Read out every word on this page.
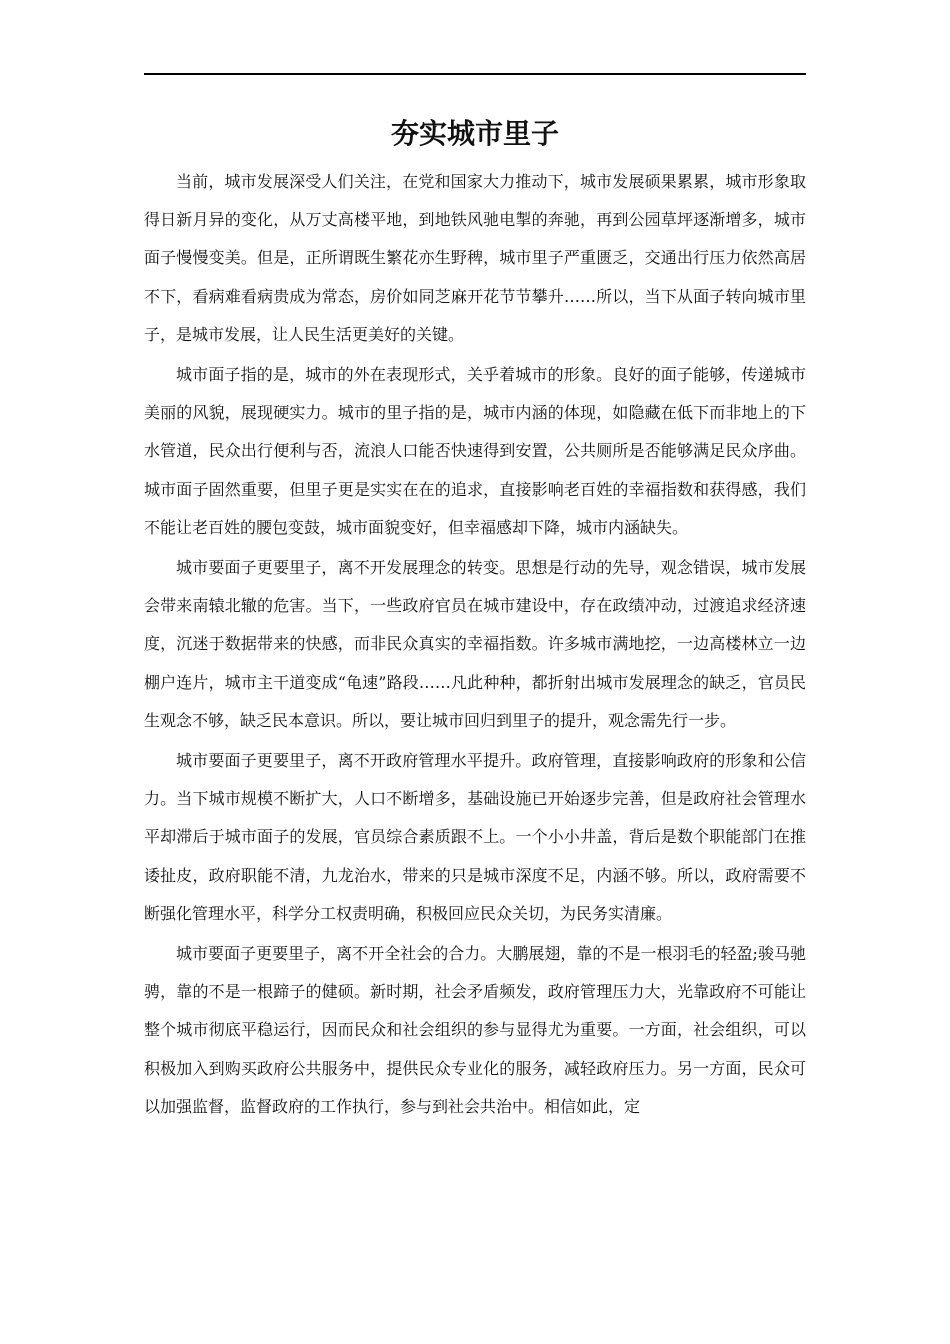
夯实城市里子

当前，城市发展深受人们关注，在党和国家大力推动下，城市发展硕果累累，城市形象取得日新月异的变化，从万丈高楼平地，到地铁风驰电掣的奔驰，再到公园草坪逐渐增多，城市面子慢慢变美。但是，正所谓既生繁花亦生野稗，城市里子严重匮乏，交通出行压力依然高居不下，看病难看病贵成为常态，房价如同芝麻开花节节攀升……所以，当下从面子转向城市里子，是城市发展，让人民生活更美好的关键。

城市面子指的是，城市的外在表现形式，关乎着城市的形象。良好的面子能够，传递城市美丽的风貌，展现硬实力。城市的里子指的是，城市内涵的体现，如隐藏在低下而非地上的下水管道，民众出行便利与否，流浪人口能否快速得到安置，公共厕所是否能够满足民众序曲。城市面子固然重要，但里子更是实实在在的追求，直接影响老百姓的幸福指数和获得感，我们不能让老百姓的腰包变鼓，城市面貌变好，但幸福感却下降，城市内涵缺失。

城市要面子更要里子，离不开发展理念的转变。思想是行动的先导，观念错误，城市发展会带来南辕北辙的危害。当下，一些政府官员在城市建设中，存在政绩冲动，过渡追求经济速度，沉迷于数据带来的快感，而非民众真实的幸福指数。许多城市满地挖，一边高楼林立一边棚户连片，城市主干道变成“龟速”路段……凡此种种，都折射出城市发展理念的缺乏，官员民生观念不够，缺乏民本意识。所以，要让城市回归到里子的提升，观念需先行一步。

城市要面子更要里子，离不开政府管理水平提升。政府管理，直接影响政府的形象和公信力。当下城市规模不断扩大，人口不断增多，基础设施已开始逐步完善，但是政府社会管理水平却滞后于城市面子的发展，官员综合素质跟不上。一个小小井盖，背后是数个职能部门在推诿扯皮，政府职能不清，九龙治水，带来的只是城市深度不足，内涵不够。所以，政府需要不断强化管理水平，科学分工权责明确，积极回应民众关切，为民务实清廉。

城市要面子更要里子，离不开全社会的合力。大鹏展翅，靠的不是一根羽毛的轻盈;骏马驰骋，靠的不是一根蹄子的健硕。新时期，社会矛盾频发，政府管理压力大，光靠政府不可能让整个城市彻底平稳运行，因而民众和社会组织的参与显得尤为重要。一方面，社会组织，可以积极加入到购买政府公共服务中，提供民众专业化的服务，减轻政府压力。另一方面，民众可以加强监督，监督政府的工作执行，参与到社会共治中。相信如此，定
